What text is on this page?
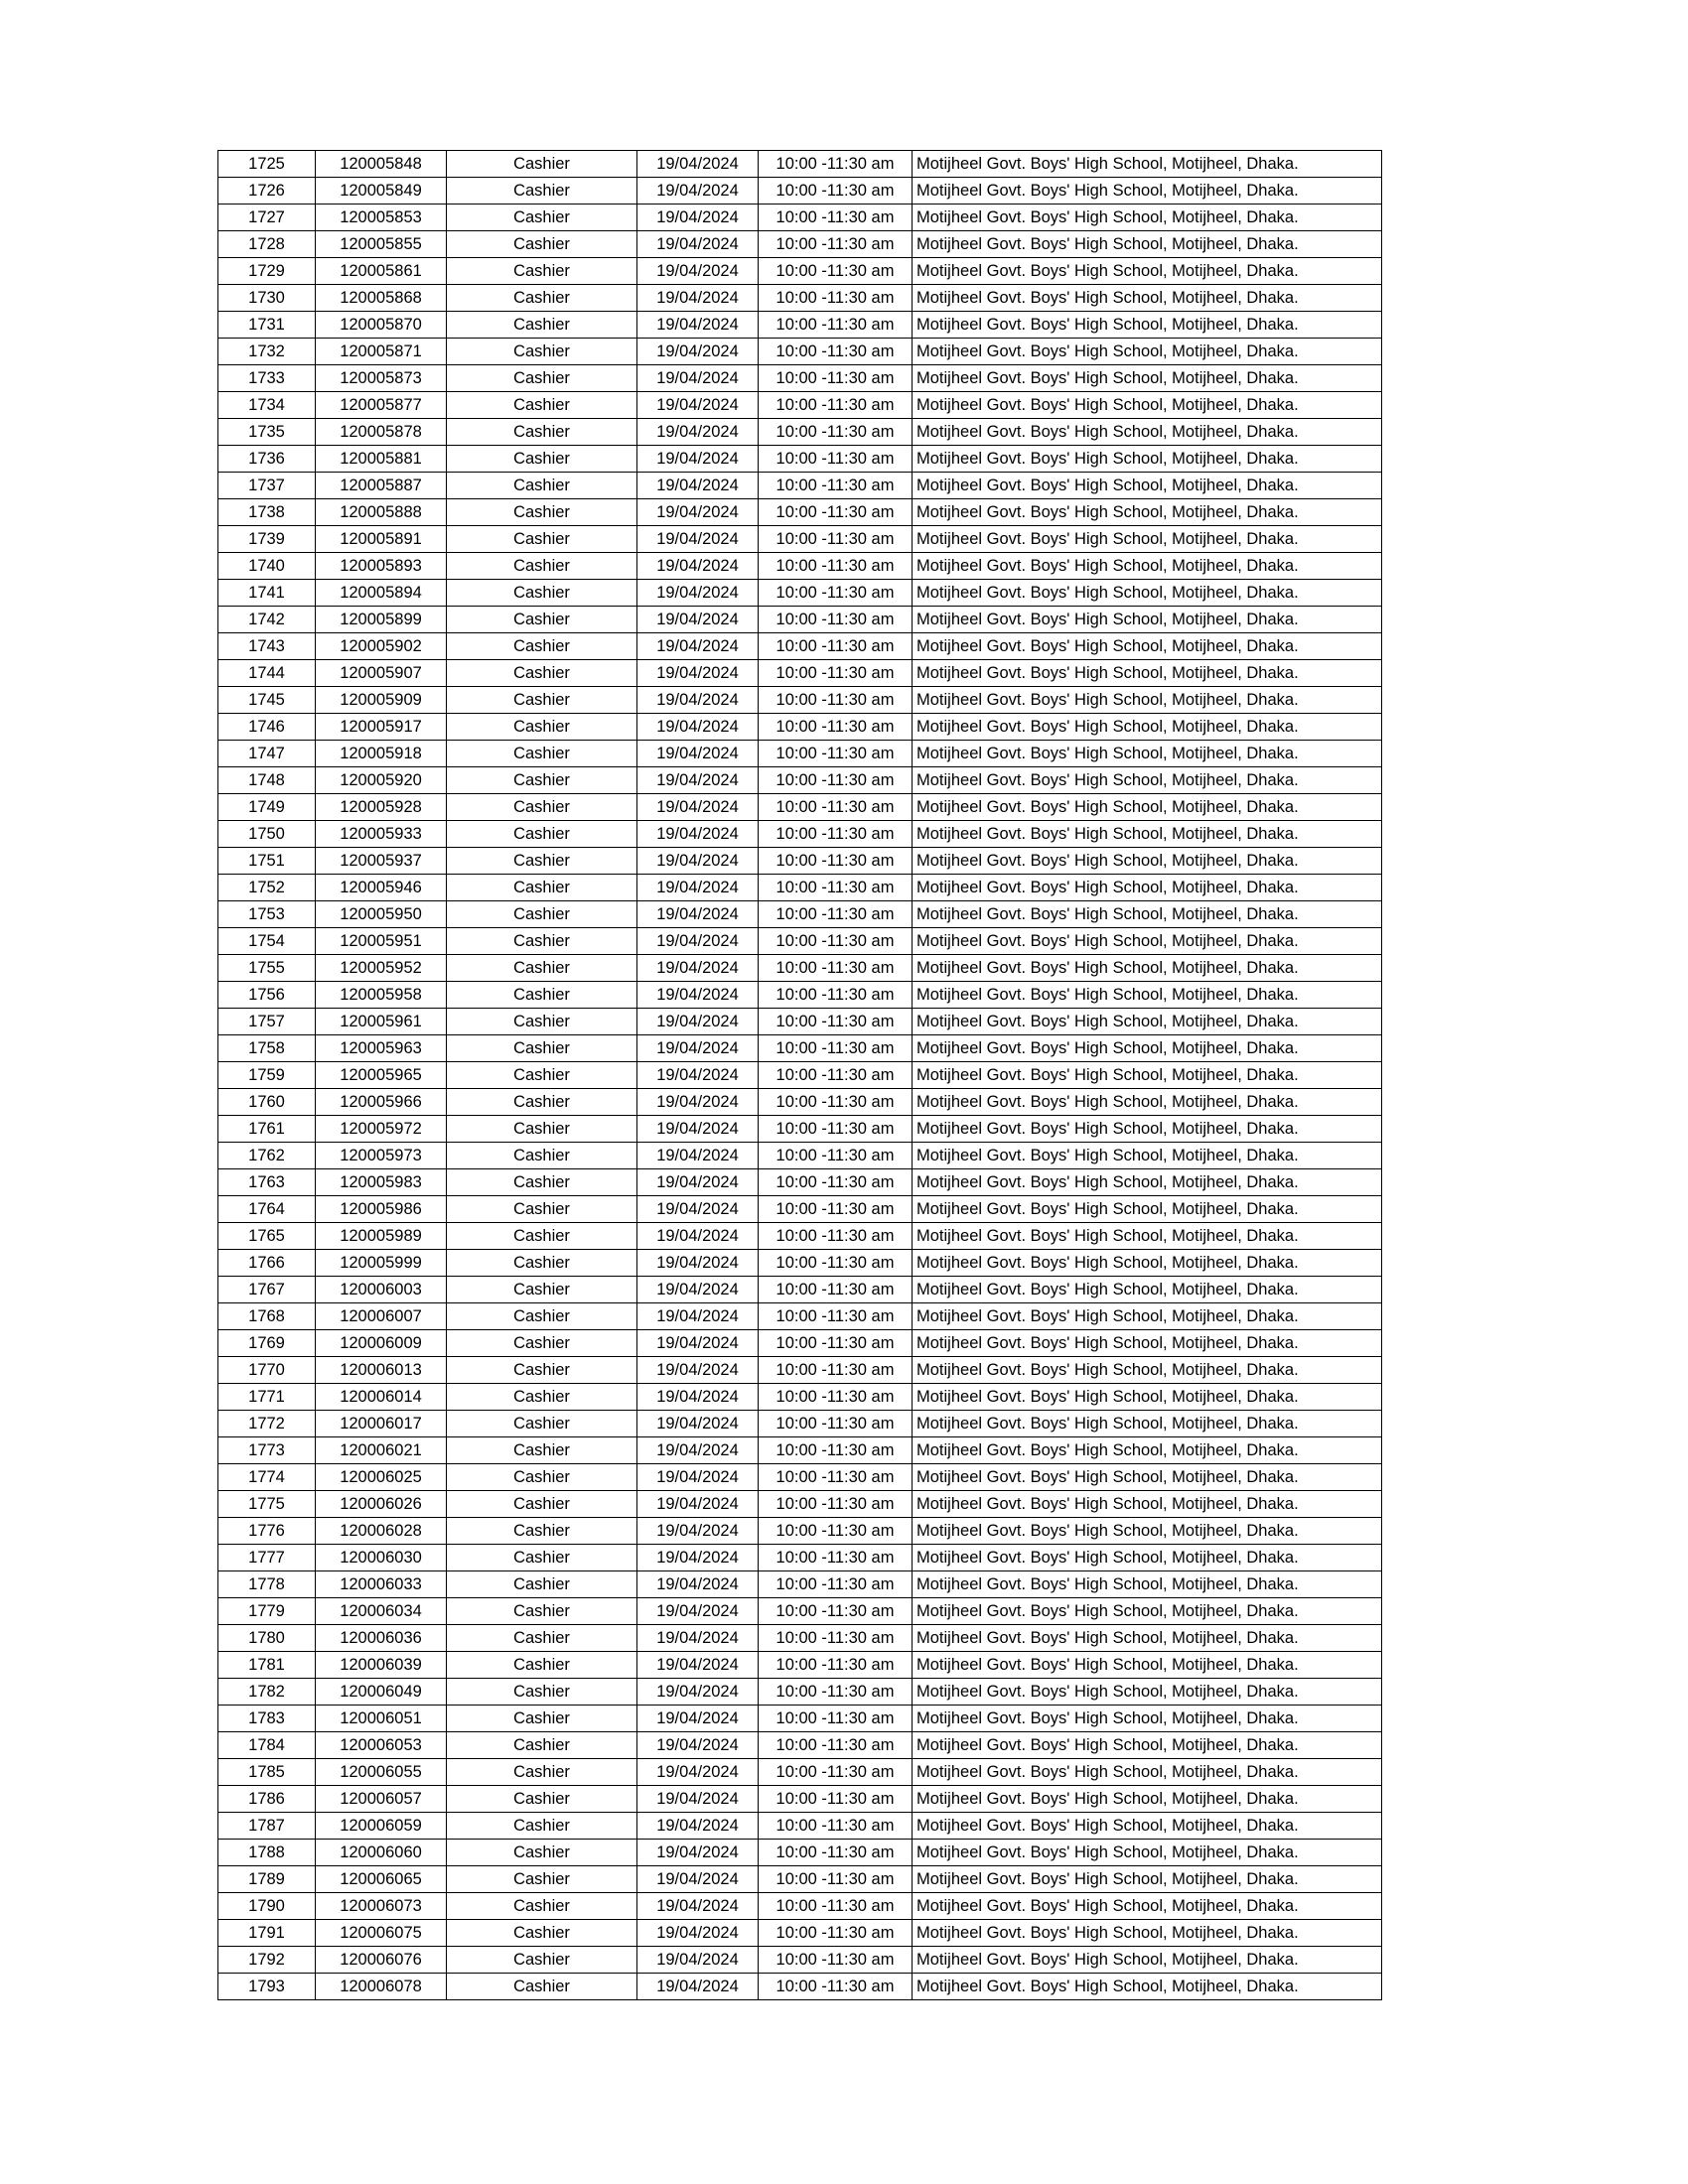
1725	120005848	Cashier	19/04/2024	10:00 -11:30 am	Motijheel Govt. Boys' High School, Motijheel, Dhaka.
1726	120005849	Cashier	19/04/2024	10:00 -11:30 am	Motijheel Govt. Boys' High School, Motijheel, Dhaka.
1727	120005853	Cashier	19/04/2024	10:00 -11:30 am	Motijheel Govt. Boys' High School, Motijheel, Dhaka.
1728	120005855	Cashier	19/04/2024	10:00 -11:30 am	Motijheel Govt. Boys' High School, Motijheel, Dhaka.
1729	120005861	Cashier	19/04/2024	10:00 -11:30 am	Motijheel Govt. Boys' High School, Motijheel, Dhaka.
1730	120005868	Cashier	19/04/2024	10:00 -11:30 am	Motijheel Govt. Boys' High School, Motijheel, Dhaka.
1731	120005870	Cashier	19/04/2024	10:00 -11:30 am	Motijheel Govt. Boys' High School, Motijheel, Dhaka.
1732	120005871	Cashier	19/04/2024	10:00 -11:30 am	Motijheel Govt. Boys' High School, Motijheel, Dhaka.
1733	120005873	Cashier	19/04/2024	10:00 -11:30 am	Motijheel Govt. Boys' High School, Motijheel, Dhaka.
1734	120005877	Cashier	19/04/2024	10:00 -11:30 am	Motijheel Govt. Boys' High School, Motijheel, Dhaka.
1735	120005878	Cashier	19/04/2024	10:00 -11:30 am	Motijheel Govt. Boys' High School, Motijheel, Dhaka.
1736	120005881	Cashier	19/04/2024	10:00 -11:30 am	Motijheel Govt. Boys' High School, Motijheel, Dhaka.
1737	120005887	Cashier	19/04/2024	10:00 -11:30 am	Motijheel Govt. Boys' High School, Motijheel, Dhaka.
1738	120005888	Cashier	19/04/2024	10:00 -11:30 am	Motijheel Govt. Boys' High School, Motijheel, Dhaka.
1739	120005891	Cashier	19/04/2024	10:00 -11:30 am	Motijheel Govt. Boys' High School, Motijheel, Dhaka.
1740	120005893	Cashier	19/04/2024	10:00 -11:30 am	Motijheel Govt. Boys' High School, Motijheel, Dhaka.
1741	120005894	Cashier	19/04/2024	10:00 -11:30 am	Motijheel Govt. Boys' High School, Motijheel, Dhaka.
1742	120005899	Cashier	19/04/2024	10:00 -11:30 am	Motijheel Govt. Boys' High School, Motijheel, Dhaka.
1743	120005902	Cashier	19/04/2024	10:00 -11:30 am	Motijheel Govt. Boys' High School, Motijheel, Dhaka.
1744	120005907	Cashier	19/04/2024	10:00 -11:30 am	Motijheel Govt. Boys' High School, Motijheel, Dhaka.
1745	120005909	Cashier	19/04/2024	10:00 -11:30 am	Motijheel Govt. Boys' High School, Motijheel, Dhaka.
1746	120005917	Cashier	19/04/2024	10:00 -11:30 am	Motijheel Govt. Boys' High School, Motijheel, Dhaka.
1747	120005918	Cashier	19/04/2024	10:00 -11:30 am	Motijheel Govt. Boys' High School, Motijheel, Dhaka.
1748	120005920	Cashier	19/04/2024	10:00 -11:30 am	Motijheel Govt. Boys' High School, Motijheel, Dhaka.
1749	120005928	Cashier	19/04/2024	10:00 -11:30 am	Motijheel Govt. Boys' High School, Motijheel, Dhaka.
1750	120005933	Cashier	19/04/2024	10:00 -11:30 am	Motijheel Govt. Boys' High School, Motijheel, Dhaka.
1751	120005937	Cashier	19/04/2024	10:00 -11:30 am	Motijheel Govt. Boys' High School, Motijheel, Dhaka.
1752	120005946	Cashier	19/04/2024	10:00 -11:30 am	Motijheel Govt. Boys' High School, Motijheel, Dhaka.
1753	120005950	Cashier	19/04/2024	10:00 -11:30 am	Motijheel Govt. Boys' High School, Motijheel, Dhaka.
1754	120005951	Cashier	19/04/2024	10:00 -11:30 am	Motijheel Govt. Boys' High School, Motijheel, Dhaka.
1755	120005952	Cashier	19/04/2024	10:00 -11:30 am	Motijheel Govt. Boys' High School, Motijheel, Dhaka.
1756	120005958	Cashier	19/04/2024	10:00 -11:30 am	Motijheel Govt. Boys' High School, Motijheel, Dhaka.
1757	120005961	Cashier	19/04/2024	10:00 -11:30 am	Motijheel Govt. Boys' High School, Motijheel, Dhaka.
1758	120005963	Cashier	19/04/2024	10:00 -11:30 am	Motijheel Govt. Boys' High School, Motijheel, Dhaka.
1759	120005965	Cashier	19/04/2024	10:00 -11:30 am	Motijheel Govt. Boys' High School, Motijheel, Dhaka.
1760	120005966	Cashier	19/04/2024	10:00 -11:30 am	Motijheel Govt. Boys' High School, Motijheel, Dhaka.
1761	120005972	Cashier	19/04/2024	10:00 -11:30 am	Motijheel Govt. Boys' High School, Motijheel, Dhaka.
1762	120005973	Cashier	19/04/2024	10:00 -11:30 am	Motijheel Govt. Boys' High School, Motijheel, Dhaka.
1763	120005983	Cashier	19/04/2024	10:00 -11:30 am	Motijheel Govt. Boys' High School, Motijheel, Dhaka.
1764	120005986	Cashier	19/04/2024	10:00 -11:30 am	Motijheel Govt. Boys' High School, Motijheel, Dhaka.
1765	120005989	Cashier	19/04/2024	10:00 -11:30 am	Motijheel Govt. Boys' High School, Motijheel, Dhaka.
1766	120005999	Cashier	19/04/2024	10:00 -11:30 am	Motijheel Govt. Boys' High School, Motijheel, Dhaka.
1767	120006003	Cashier	19/04/2024	10:00 -11:30 am	Motijheel Govt. Boys' High School, Motijheel, Dhaka.
1768	120006007	Cashier	19/04/2024	10:00 -11:30 am	Motijheel Govt. Boys' High School, Motijheel, Dhaka.
1769	120006009	Cashier	19/04/2024	10:00 -11:30 am	Motijheel Govt. Boys' High School, Motijheel, Dhaka.
1770	120006013	Cashier	19/04/2024	10:00 -11:30 am	Motijheel Govt. Boys' High School, Motijheel, Dhaka.
1771	120006014	Cashier	19/04/2024	10:00 -11:30 am	Motijheel Govt. Boys' High School, Motijheel, Dhaka.
1772	120006017	Cashier	19/04/2024	10:00 -11:30 am	Motijheel Govt. Boys' High School, Motijheel, Dhaka.
1773	120006021	Cashier	19/04/2024	10:00 -11:30 am	Motijheel Govt. Boys' High School, Motijheel, Dhaka.
1774	120006025	Cashier	19/04/2024	10:00 -11:30 am	Motijheel Govt. Boys' High School, Motijheel, Dhaka.
1775	120006026	Cashier	19/04/2024	10:00 -11:30 am	Motijheel Govt. Boys' High School, Motijheel, Dhaka.
1776	120006028	Cashier	19/04/2024	10:00 -11:30 am	Motijheel Govt. Boys' High School, Motijheel, Dhaka.
1777	120006030	Cashier	19/04/2024	10:00 -11:30 am	Motijheel Govt. Boys' High School, Motijheel, Dhaka.
1778	120006033	Cashier	19/04/2024	10:00 -11:30 am	Motijheel Govt. Boys' High School, Motijheel, Dhaka.
1779	120006034	Cashier	19/04/2024	10:00 -11:30 am	Motijheel Govt. Boys' High School, Motijheel, Dhaka.
1780	120006036	Cashier	19/04/2024	10:00 -11:30 am	Motijheel Govt. Boys' High School, Motijheel, Dhaka.
1781	120006039	Cashier	19/04/2024	10:00 -11:30 am	Motijheel Govt. Boys' High School, Motijheel, Dhaka.
1782	120006049	Cashier	19/04/2024	10:00 -11:30 am	Motijheel Govt. Boys' High School, Motijheel, Dhaka.
1783	120006051	Cashier	19/04/2024	10:00 -11:30 am	Motijheel Govt. Boys' High School, Motijheel, Dhaka.
1784	120006053	Cashier	19/04/2024	10:00 -11:30 am	Motijheel Govt. Boys' High School, Motijheel, Dhaka.
1785	120006055	Cashier	19/04/2024	10:00 -11:30 am	Motijheel Govt. Boys' High School, Motijheel, Dhaka.
1786	120006057	Cashier	19/04/2024	10:00 -11:30 am	Motijheel Govt. Boys' High School, Motijheel, Dhaka.
1787	120006059	Cashier	19/04/2024	10:00 -11:30 am	Motijheel Govt. Boys' High School, Motijheel, Dhaka.
1788	120006060	Cashier	19/04/2024	10:00 -11:30 am	Motijheel Govt. Boys' High School, Motijheel, Dhaka.
1789	120006065	Cashier	19/04/2024	10:00 -11:30 am	Motijheel Govt. Boys' High School, Motijheel, Dhaka.
1790	120006073	Cashier	19/04/2024	10:00 -11:30 am	Motijheel Govt. Boys' High School, Motijheel, Dhaka.
1791	120006075	Cashier	19/04/2024	10:00 -11:30 am	Motijheel Govt. Boys' High School, Motijheel, Dhaka.
1792	120006076	Cashier	19/04/2024	10:00 -11:30 am	Motijheel Govt. Boys' High School, Motijheel, Dhaka.
1793	120006078	Cashier	19/04/2024	10:00 -11:30 am	Motijheel Govt. Boys' High School, Motijheel, Dhaka.
